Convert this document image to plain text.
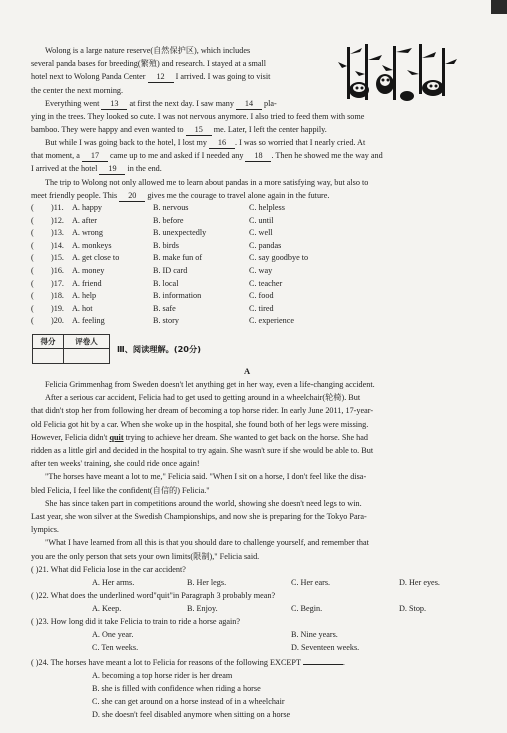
Wolong is a large nature reserve(自然保护区), which includes
several panda bases for breeding(繁殖) and research. I stayed at a small
hotel next to Wolong Panda Center 12 I arrived. I was going to visit
the center the next morning.
Everything went 13 at first the next day. I saw many 14 pla-
ying in the trees. They looked so cute. I was not nervous anymore. I also tried to feed them with some
bamboo. They were happy and even wanted to 15 me. Later, I left the center happily.
But while I was going back to the hotel, I lost my 16 . I was so worried that I nearly cried. At
that moment, a 17 came up to me and asked if I needed any 18 . Then he showed me the way and
I arrived at the hotel 19 in the end.
The trip to Wolong not only allowed me to learn about pandas in a more satisfying way, but also to
meet friendly people. This 20 gives me the courage to travel alone again in the future.
(	)11.	A. happy	B. nervous	C. helpless
(	)12. A. after	B. before	C. until
(	)13. A. wrong	B. unexpectedly	C. well
(	)14. A. monkeys	B. birds	C. pandas
(	)15. A. get close to	B. make fun of	C. say goodbye to
(	)16. A. money	B. ID card	C. way
(	)17. A. friend	B. local	C. teacher
(	)18. A. help	B. information	C. food
(	)19. A. hot	B. safe	C. tired
(	)20. A. feeling	B. story	C. experience
得分	评卷人
Ⅲ、阅读理解。(20分)
A
Felicia Grimmenhag from Sweden doesn't let anything get in her way, even a life-changing accident.
After a serious car accident, Felicia had to get used to getting around in a wheelchair(轮椅). But
that didn't stop her from following her dream of becoming a top horse rider. In early June 2011, 17-year-
old Felicia got hit by a car. When she woke up in the hospital, she found both of her legs were missing.
However, Felicia didn't quit trying to achieve her dream. She wanted to get back on the horse. She had
ridden as a little girl and decided in the hospital to try again. She wasn't sure if she would be able to. But
after ten weeks' training, she could ride once again!
"The horses have meant a lot to me," Felicia said. "When I sit on a horse, I don't feel like the disa-
bled Felicia, I feel like the confident(自信的) Felicia."
She has since taken part in competitions around the world, showing she doesn't need legs to win.
Last year, she won silver at the Swedish Championships, and now she is preparing for the Tokyo Para-
lympics.
"What I have learned from all this is that you should dare to challenge yourself, and remember that
you are the only person that sets your own limits(限制)," Felicia said.
( )21. What did Felicia lose in the car accident?
A. Her arms.	B. Her legs.	C. Her ears.	D. Her eyes.
( )22. What does the underlined word"quit"in Paragraph 3 probably mean?
A. Keep.	B. Enjoy.	C. Begin.	D. Stop.
( )23. How long did it take Felicia to train to ride a horse again?
A. One year.	B. Nine years.
C. Ten weeks.	D. Seventeen weeks.
( )24. The horses have meant a lot to Felicia for reasons of the following EXCEPT	.
A. becoming a top horse rider is her dream
B. she is filled with confidence when riding a horse
C. she can get around on a horse instead of in a wheelchair
D. she doesn't feel disabled anymore when sitting on a horse
